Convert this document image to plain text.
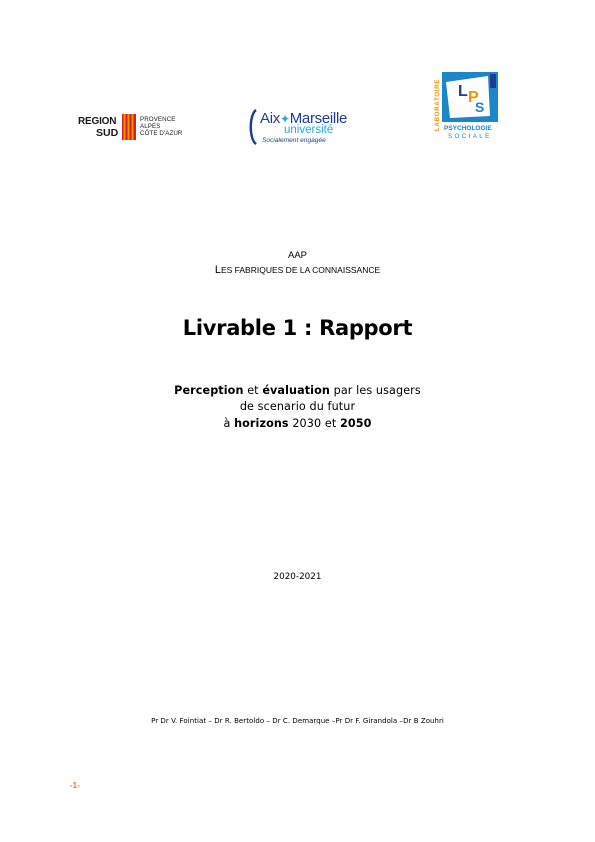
REGION
SUD
PROVENCE
ALPES
CÔTE D'AZUR
Aix✦Marseille
université
Socialement engagée
LABORATOIRE L P
S
PSYCHOLOGIE
SOCIALE
AAP
LES FABRIQUES DE LA CONNAISSANCE
Livrable 1 : Rapport
Perception et évaluation par les usagers
de scenario du futur
à horizons 2030 et 2050
2020-2021
Pr Dr V. Fointiat – Dr R. Bertoldo – Dr C. Demarque –Pr Dr F. Girandola –Dr B Zouhri
-1-
